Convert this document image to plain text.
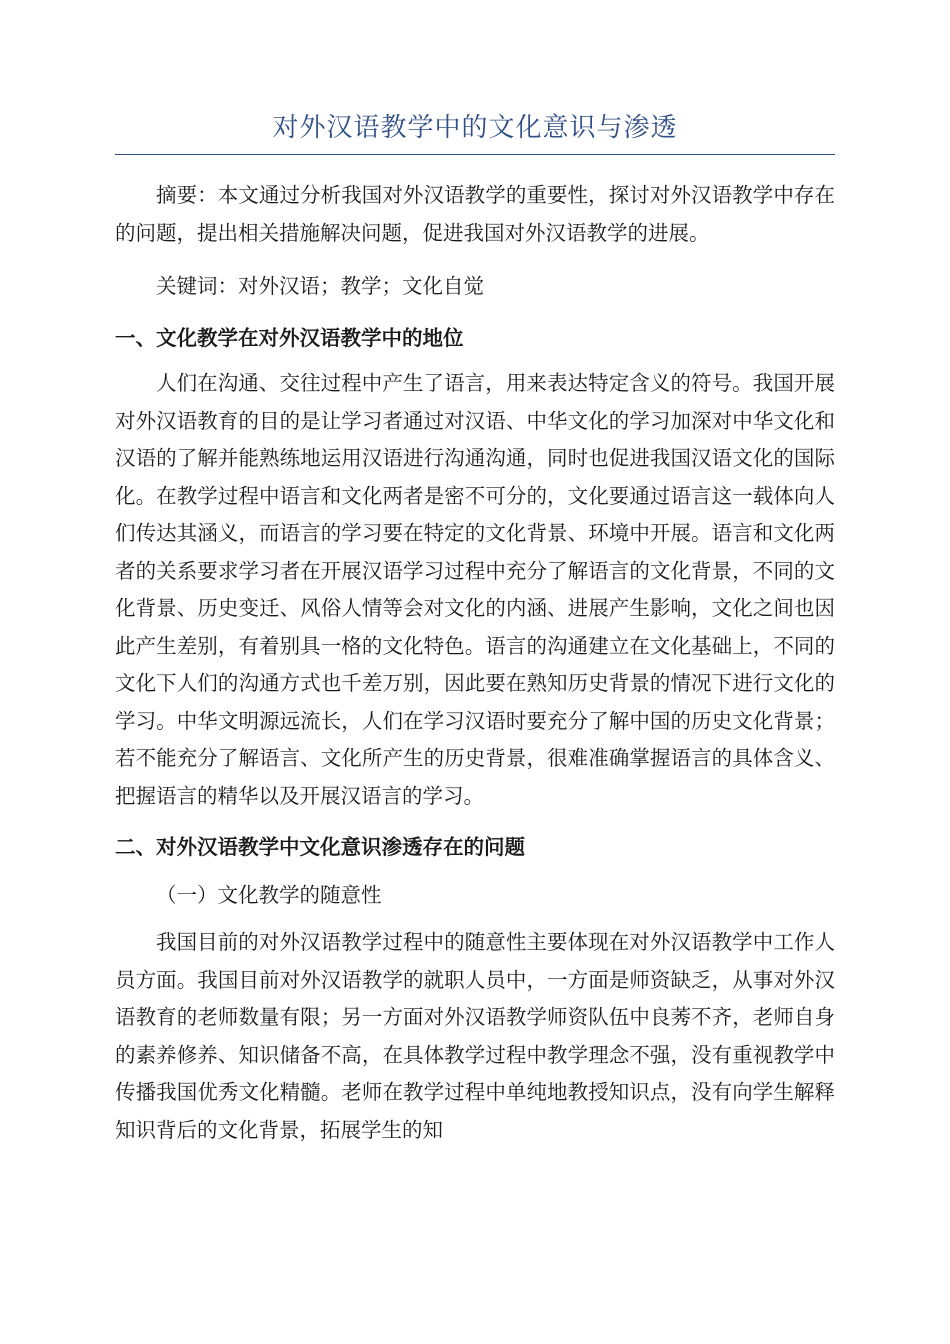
对外汉语教学中的文化意识与渗透

摘要：本文通过分析我国对外汉语教学的重要性，探讨对外汉语教学中存在的问题，提出相关措施解决问题，促进我国对外汉语教学的进展。

关键词：对外汉语；教学；文化自觉

一、文化教学在对外汉语教学中的地位

人们在沟通、交往过程中产生了语言，用来表达特定含义的符号。我国开展对外汉语教育的目的是让学习者通过对汉语、中华文化的学习加深对中华文化和汉语的了解并能熟练地运用汉语进行沟通沟通，同时也促进我国汉语文化的国际化。在教学过程中语言和文化两者是密不可分的，文化要通过语言这一载体向人们传达其涵义，而语言的学习要在特定的文化背景、环境中开展。语言和文化两者的关系要求学习者在开展汉语学习过程中充分了解语言的文化背景，不同的文化背景、历史变迁、风俗人情等会对文化的内涵、进展产生影响，文化之间也因此产生差别，有着别具一格的文化特色。语言的沟通建立在文化基础上，不同的文化下人们的沟通方式也千差万别，因此要在熟知历史背景的情况下进行文化的学习。中华文明源远流长，人们在学习汉语时要充分了解中国的历史文化背景；若不能充分了解语言、文化所产生的历史背景，很难准确掌握语言的具体含义、把握语言的精华以及开展汉语言的学习。

二、对外汉语教学中文化意识渗透存在的问题
（一）文化教学的随意性

我国目前的对外汉语教学过程中的随意性主要体现在对外汉语教学中工作人员方面。我国目前对外汉语教学的就职人员中，一方面是师资缺乏，从事对外汉语教育的老师数量有限；另一方面对外汉语教学师资队伍中良莠不齐，老师自身的素养修养、知识储备不高，在具体教学过程中教学理念不强，没有重视教学中传播我国优秀文化精髓。老师在教学过程中单纯地教授知识点，没有向学生解释知识背后的文化背景，拓展学生的知
